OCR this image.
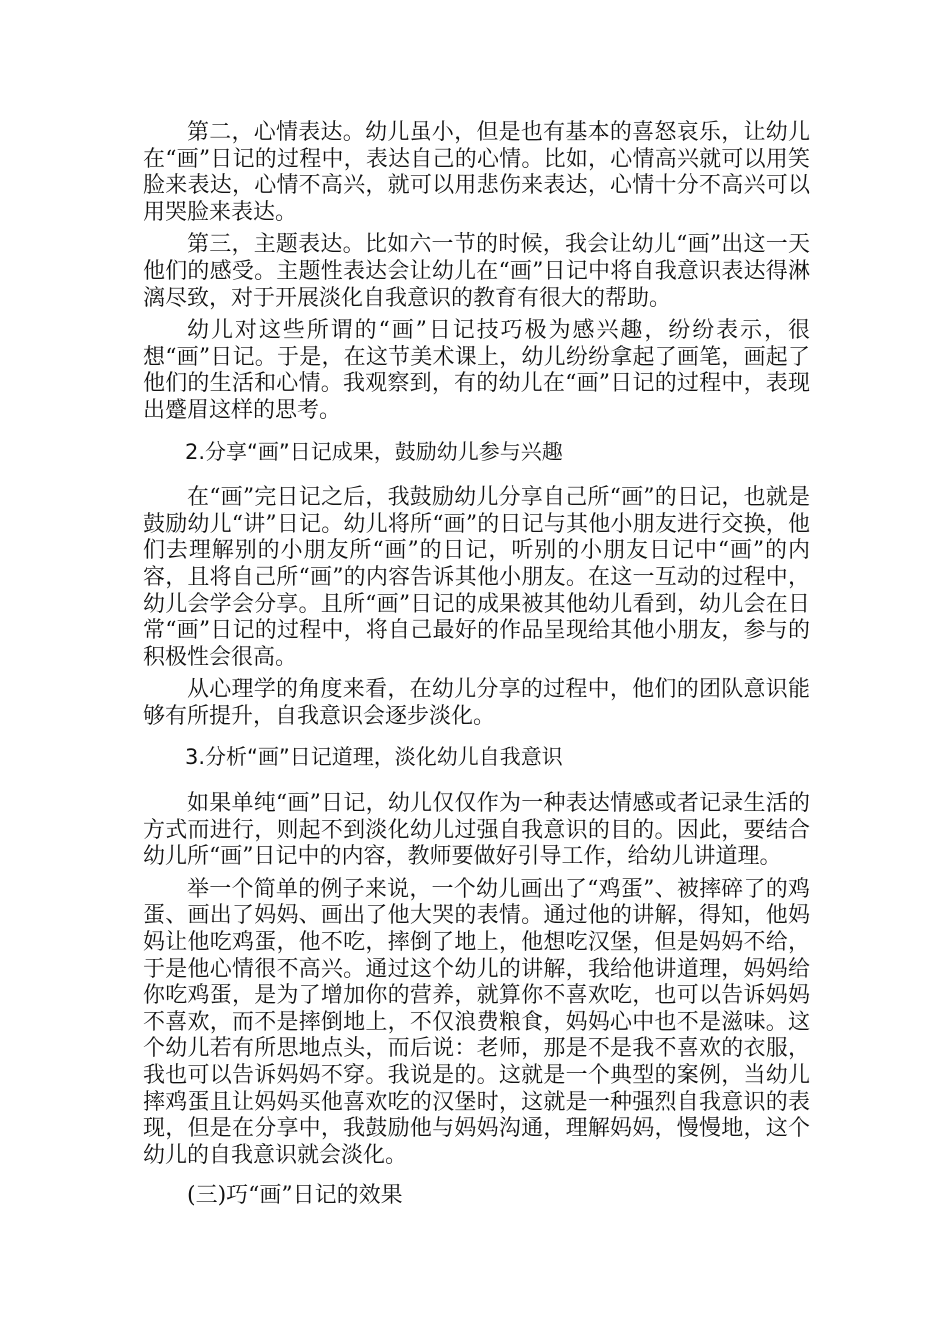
第二，心情表达。幼儿虽小，但是也有基本的喜怒哀乐，让幼儿在“画”日记的过程中，表达自己的心情。比如，心情高兴就可以用笑脸来表达，心情不高兴，就可以用悲伤来表达，心情十分不高兴可以用哭脸来表达。

第三，主题表达。比如六一节的时候，我会让幼儿“画”出这一天他们的感受。主题性表达会让幼儿在“画”日记中将自我意识表达得淋漓尽致，对于开展淡化自我意识的教育有很大的帮助。

幼儿对这些所谓的“画”日记技巧极为感兴趣，纷纷表示，很想“画”日记。于是，在这节美术课上，幼儿纷纷拿起了画笔，画起了他们的生活和心情。我观察到，有的幼儿在“画”日记的过程中，表现出蹙眉这样的思考。

2.分享“画”日记成果，鼓励幼儿参与兴趣

在“画”完日记之后，我鼓励幼儿分享自己所“画”的日记，也就是鼓励幼儿“讲”日记。幼儿将所“画”的日记与其他小朋友进行交换，他们去理解别的小朋友所“画”的日记，听别的小朋友日记中“画”的内容，且将自己所“画”的内容告诉其他小朋友。在这一互动的过程中，幼儿会学会分享。且所“画”日记的成果被其他幼儿看到，幼儿会在日常“画”日记的过程中，将自己最好的作品呈现给其他小朋友，参与的积极性会很高。

从心理学的角度来看，在幼儿分享的过程中，他们的团队意识能够有所提升，自我意识会逐步淡化。

3.分析“画”日记道理，淡化幼儿自我意识

如果单纯“画”日记，幼儿仅仅作为一种表达情感或者记录生活的方式而进行，则起不到淡化幼儿过强自我意识的目的。因此，要结合幼儿所“画”日记中的内容，教师要做好引导工作，给幼儿讲道理。

举一个简单的例子来说，一个幼儿画出了“鸡蛋”、被摔碎了的鸡蛋、画出了妈妈、画出了他大哭的表情。通过他的讲解，得知，他妈妈让他吃鸡蛋，他不吃，摔倒了地上，他想吃汉堡，但是妈妈不给，于是他心情很不高兴。通过这个幼儿的讲解，我给他讲道理，妈妈给你吃鸡蛋，是为了增加你的营养，就算你不喜欢吃，也可以告诉妈妈不喜欢，而不是摔倒地上，不仅浪费粮食，妈妈心中也不是滋味。这个幼儿若有所思地点头，而后说：老师，那是不是我不喜欢的衣服，我也可以告诉妈妈不穿。我说是的。这就是一个典型的案例，当幼儿摔鸡蛋且让妈妈买他喜欢吃的汉堡时，这就是一种强烈自我意识的表现，但是在分享中，我鼓励他与妈妈沟通，理解妈妈，慢慢地，这个幼儿的自我意识就会淡化。

(三)巧“画”日记的效果
